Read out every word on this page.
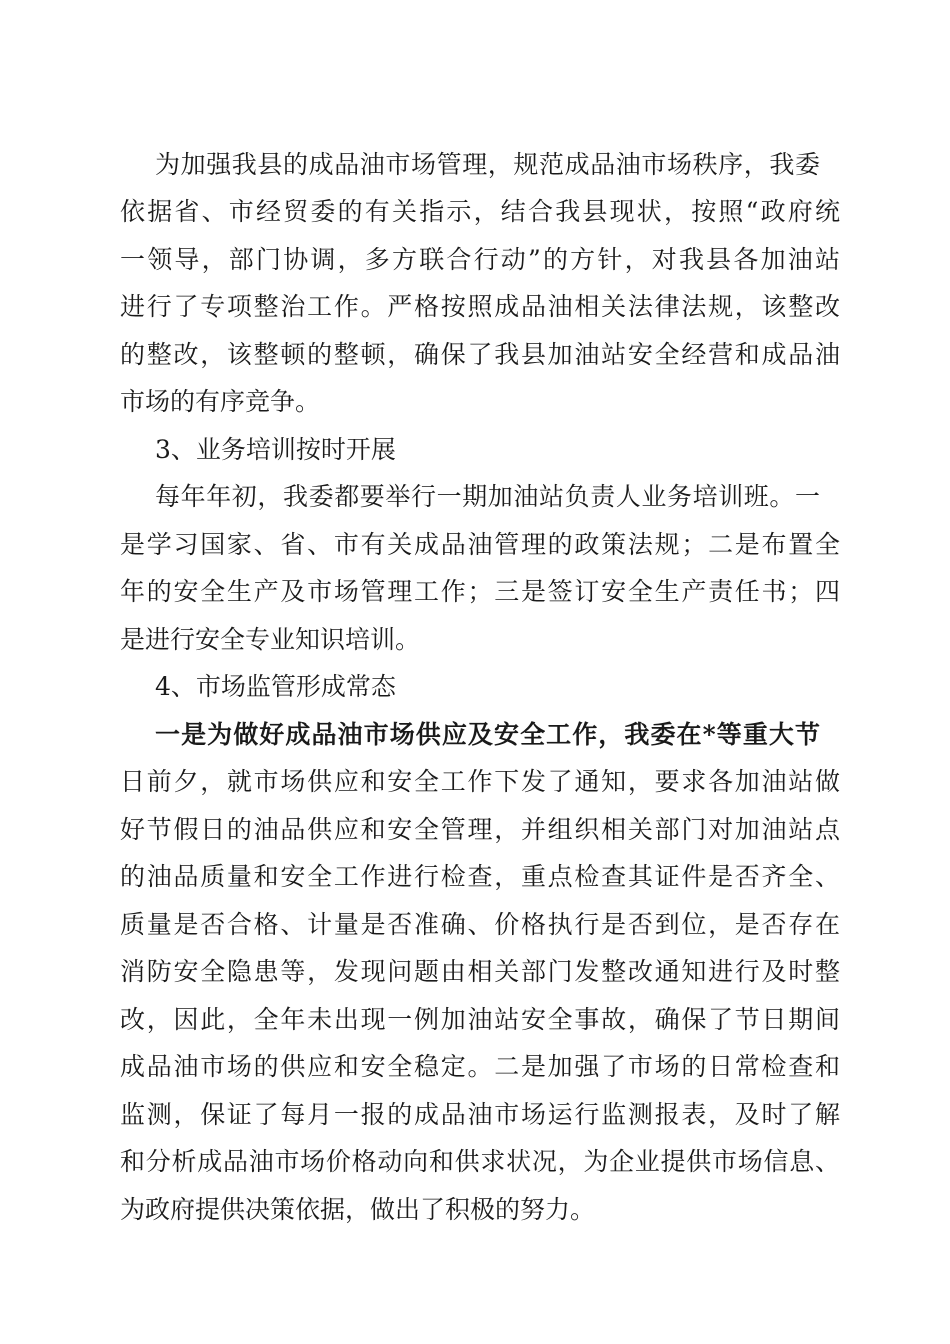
为加强我县的成品油市场管理，规范成品油市场秩序，我委
依据省、市经贸委的有关指示，结合我县现状，按照“政府统
一领导，部门协调，多方联合行动”的方针，对我县各加油站
进行了专项整治工作。严格按照成品油相关法律法规，该整改
的整改，该整顿的整顿，确保了我县加油站安全经营和成品油
市场的有序竞争。
3、业务培训按时开展
每年年初，我委都要举行一期加油站负责人业务培训班。一
是学习国家、省、市有关成品油管理的政策法规；二是布置全
年的安全生产及市场管理工作；三是签订安全生产责任书；四
是进行安全专业知识培训。
4、市场监管形成常态
一是为做好成品油市场供应及安全工作，我委在*等重大节
日前夕，就市场供应和安全工作下发了通知，要求各加油站做
好节假日的油品供应和安全管理，并组织相关部门对加油站点
的油品质量和安全工作进行检查，重点检查其证件是否齐全、
质量是否合格、计量是否准确、价格执行是否到位，是否存在
消防安全隐患等，发现问题由相关部门发整改通知进行及时整
改，因此，全年未出现一例加油站安全事故，确保了节日期间
成品油市场的供应和安全稳定。二是加强了市场的日常检查和
监测，保证了每月一报的成品油市场运行监测报表，及时了解
和分析成品油市场价格动向和供求状况，为企业提供市场信息、
为政府提供决策依据，做出了积极的努力。
